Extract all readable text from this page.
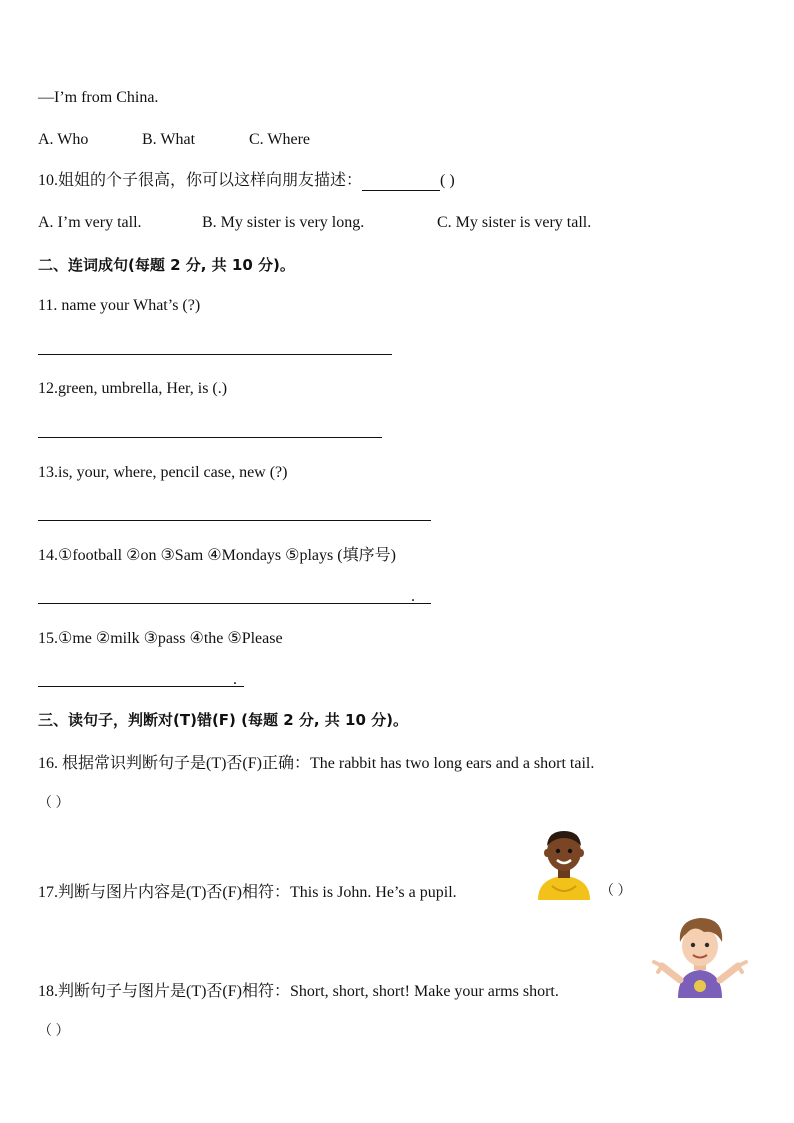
—I’m from China.
A. Who	B. What	C. Where
10.姐姐的个子很高，你可以这样向朋友描述：	( )
A. I’m very tall.	B. My sister is very long.	C. My sister is very tall.
二、连词成句(每题 2 分, 共 10 分)。
11. name your What’s (?)
12.green, umbrella, Her, is (.)
13.is, your, where, pencil case, new (?)
14.①football ②on ③Sam ④Mondays ⑤plays (填序号)
.
15.①me ②milk ③pass ④the ⑤Please
.
三、读句子，判断对(T)错(F) (每题 2 分, 共 10 分)。
16. 根据常识判断句子是(T)否(F)正确：The rabbit has two long ears and a short tail.
（ ）
17.判断与图片内容是(T)否(F)相符：This is John. He’s a pupil.	（ ）
18.判断句子与图片是(T)否(F)相符：Short, short, short! Make your arms short.
（ ）
